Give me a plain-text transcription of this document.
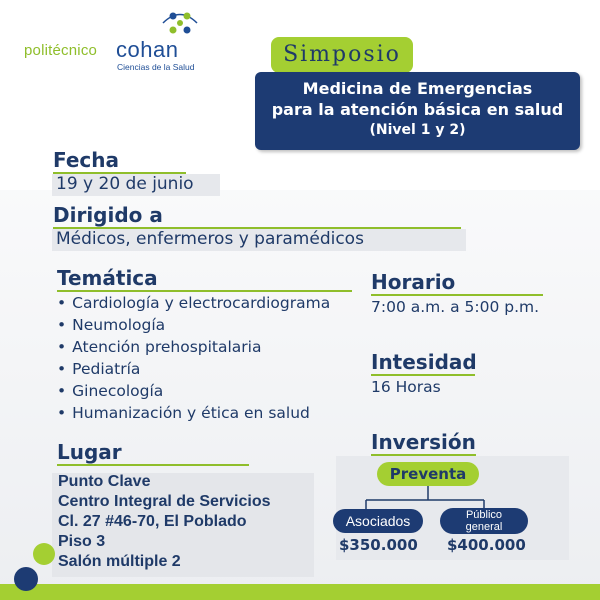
politécnico cohan
Ciencias de la Salud	Simposio
Medicina de Emergencias
para la atención básica en salud
(Nivel 1 y 2)
Fecha
19 y 20 de junio
Dirigido a
Médicos, enfermeros y paramédicos
Temática
• Cardiología y electrocardiograma
• Neumología
• Atención prehospitalaria
• Pediatría
• Ginecología
• Humanización y ética en salud
Horario
7:00 a.m. a 5:00 p.m.
Intesidad
16 Horas
Lugar
Punto Clave
Centro Integral de Servicios
Cl. 27 #46-70, El Poblado
Piso 3
Salón múltiple 2
Inversión
Preventa
Asociados	Público
general
$350.000 $400.000
